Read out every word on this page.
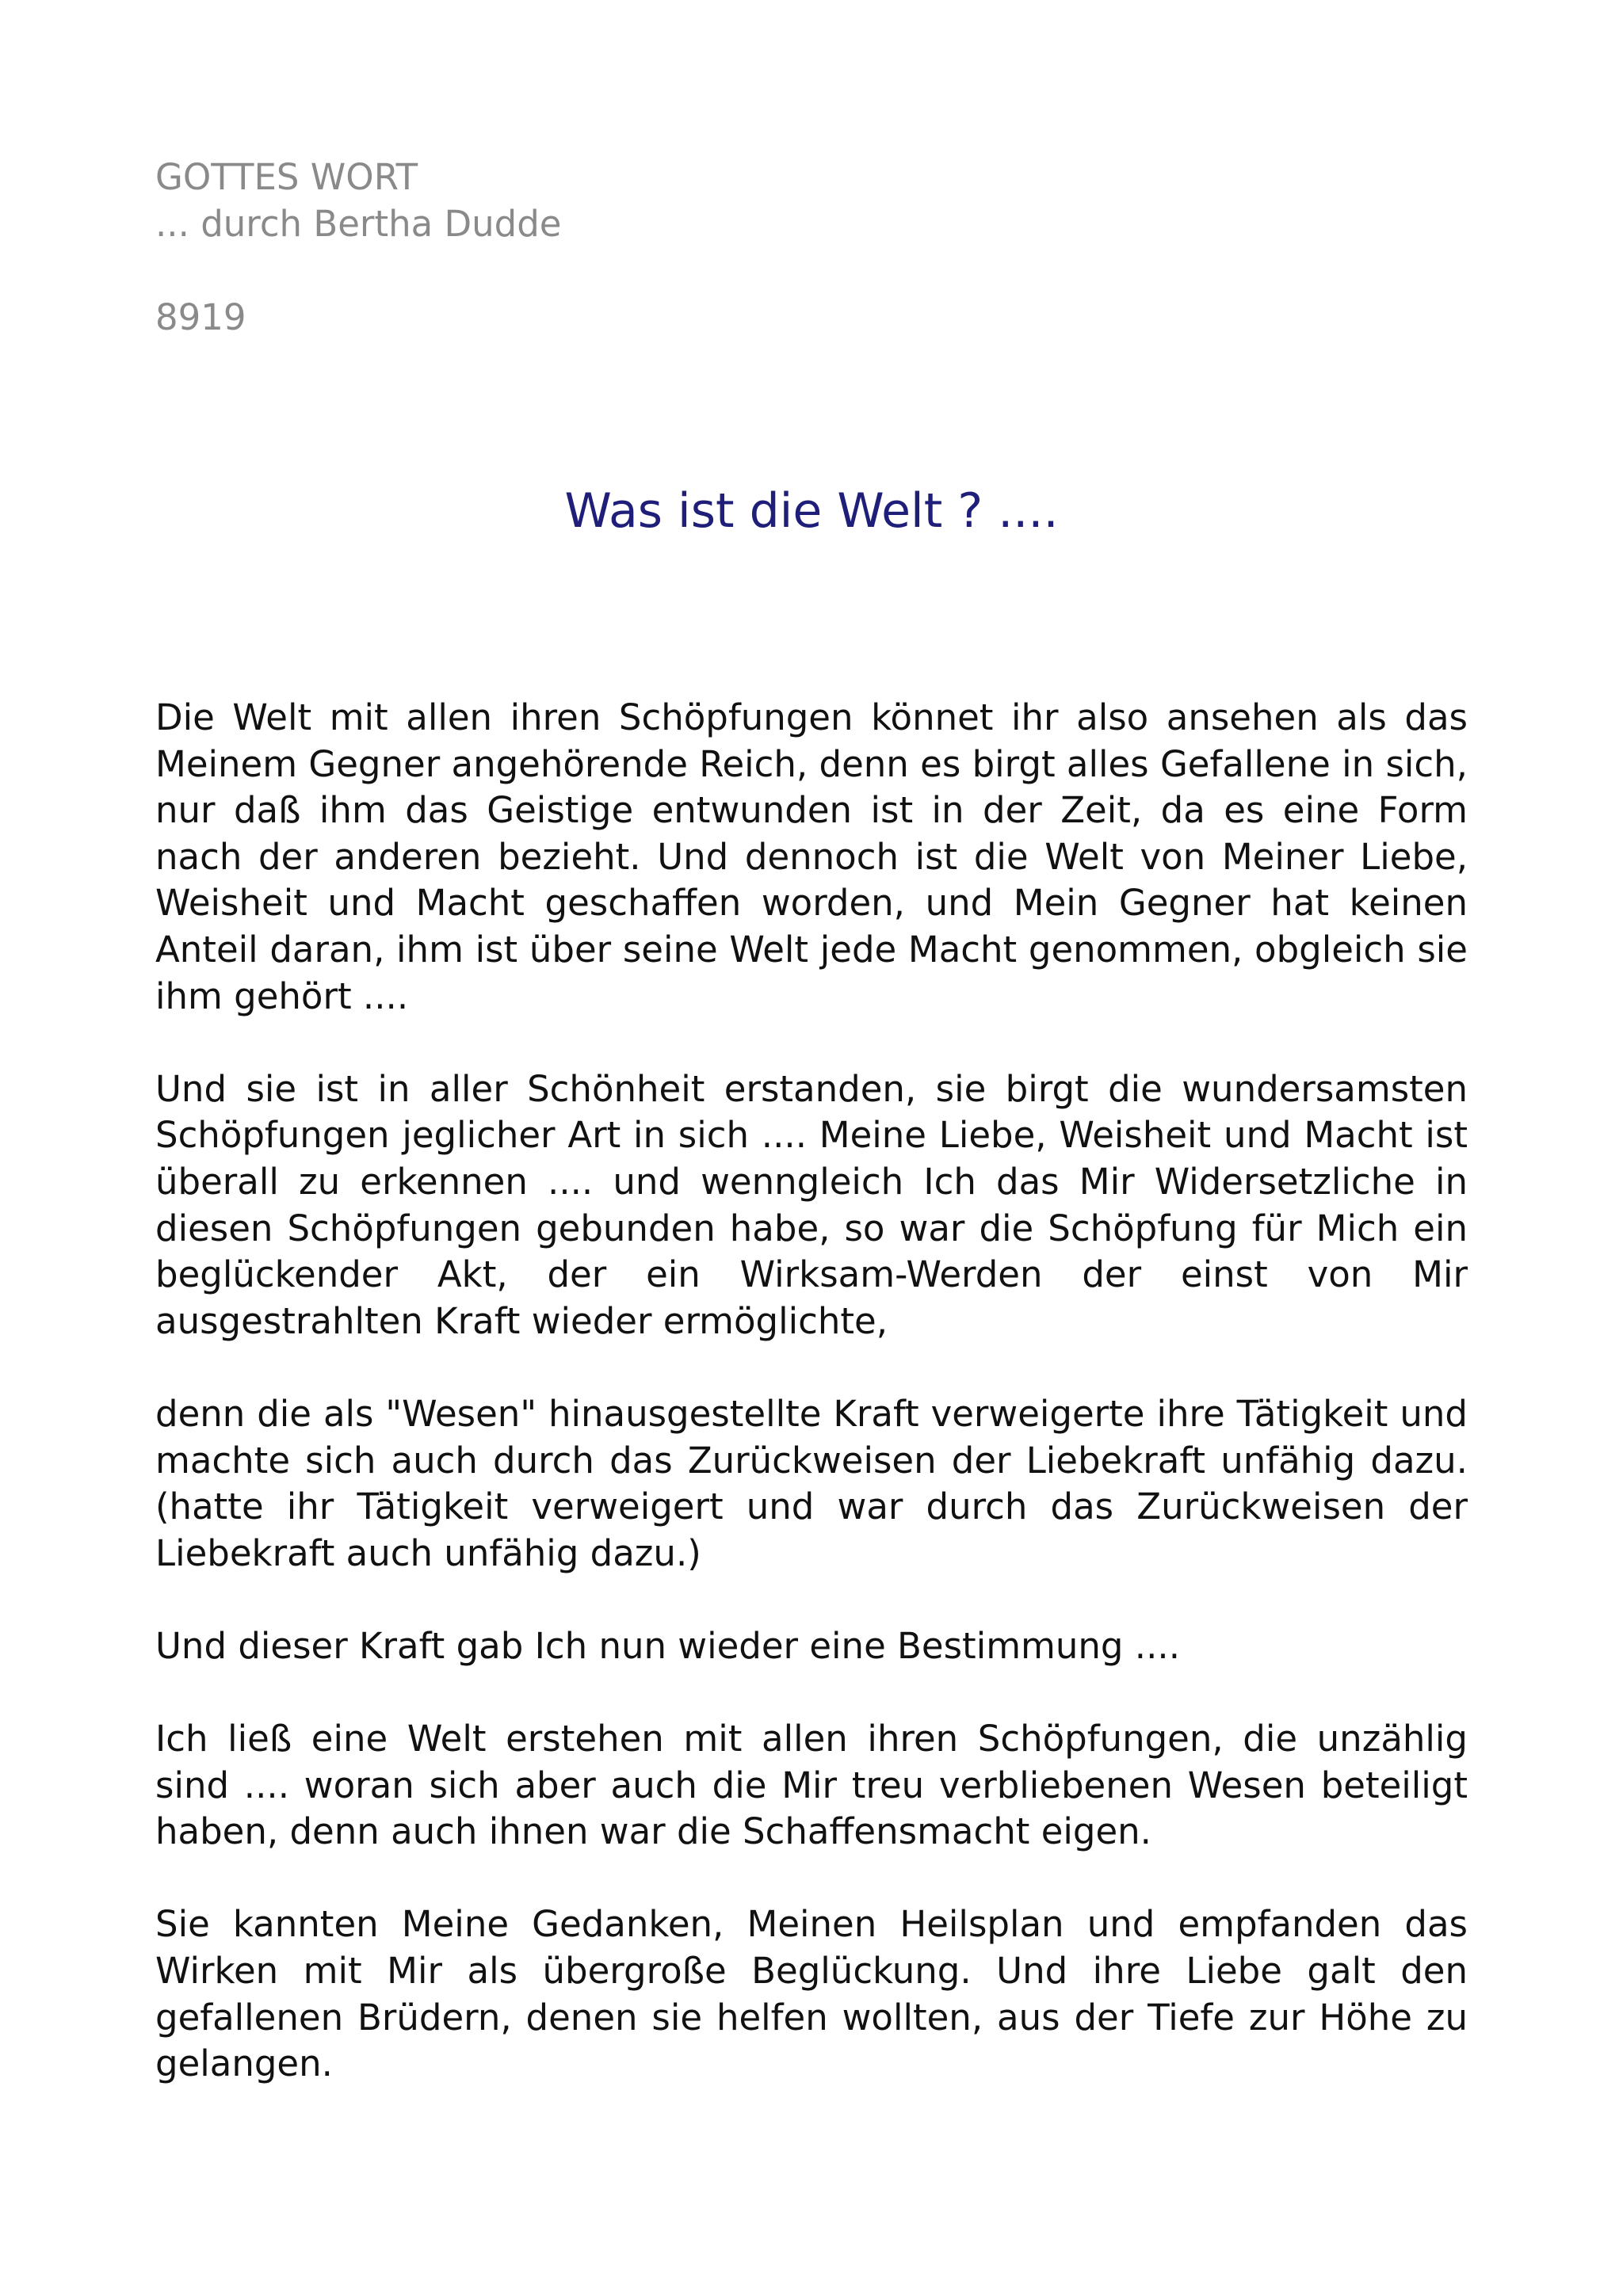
GOTTES WORT
... durch Bertha Dudde
8919
Was ist die Welt ? ....

Die Welt mit allen ihren Schöpfungen könnet ihr also ansehen als das Meinem Gegner angehörende Reich, denn es birgt alles Gefallene in sich, nur daß ihm das Geistige entwunden ist in der Zeit, da es eine Form nach der anderen bezieht. Und dennoch ist die Welt von Meiner Liebe, Weisheit und Macht geschaffen worden, und Mein Gegner hat keinen Anteil daran, ihm ist über seine Welt jede Macht genommen, obgleich sie ihm gehört ....

Und sie ist in aller Schönheit erstanden, sie birgt die wundersamsten Schöpfungen jeglicher Art in sich .... Meine Liebe, Weisheit und Macht ist überall zu erkennen .... und wenngleich Ich das Mir Widersetzliche in diesen Schöpfungen gebunden habe, so war die Schöpfung für Mich ein beglückender Akt, der ein Wirksam-Werden der einst von Mir ausgestrahlten Kraft wieder ermöglichte,

denn die als "Wesen" hinausgestellte Kraft verweigerte ihre Tätigkeit und machte sich auch durch das Zurückweisen der Liebekraft unfähig dazu. (hatte ihr Tätigkeit verweigert und war durch das Zurückweisen der Liebekraft auch unfähig dazu.)

Und dieser Kraft gab Ich nun wieder eine Bestimmung ....

Ich ließ eine Welt erstehen mit allen ihren Schöpfungen, die unzählig sind .... woran sich aber auch die Mir treu verbliebenen Wesen beteiligt haben, denn auch ihnen war die Schaffensmacht eigen.

Sie kannten Meine Gedanken, Meinen Heilsplan und empfanden das Wirken mit Mir als übergroße Beglückung. Und ihre Liebe galt den gefallenen Brüdern, denen sie helfen wollten, aus der Tiefe zur Höhe zu gelangen.
